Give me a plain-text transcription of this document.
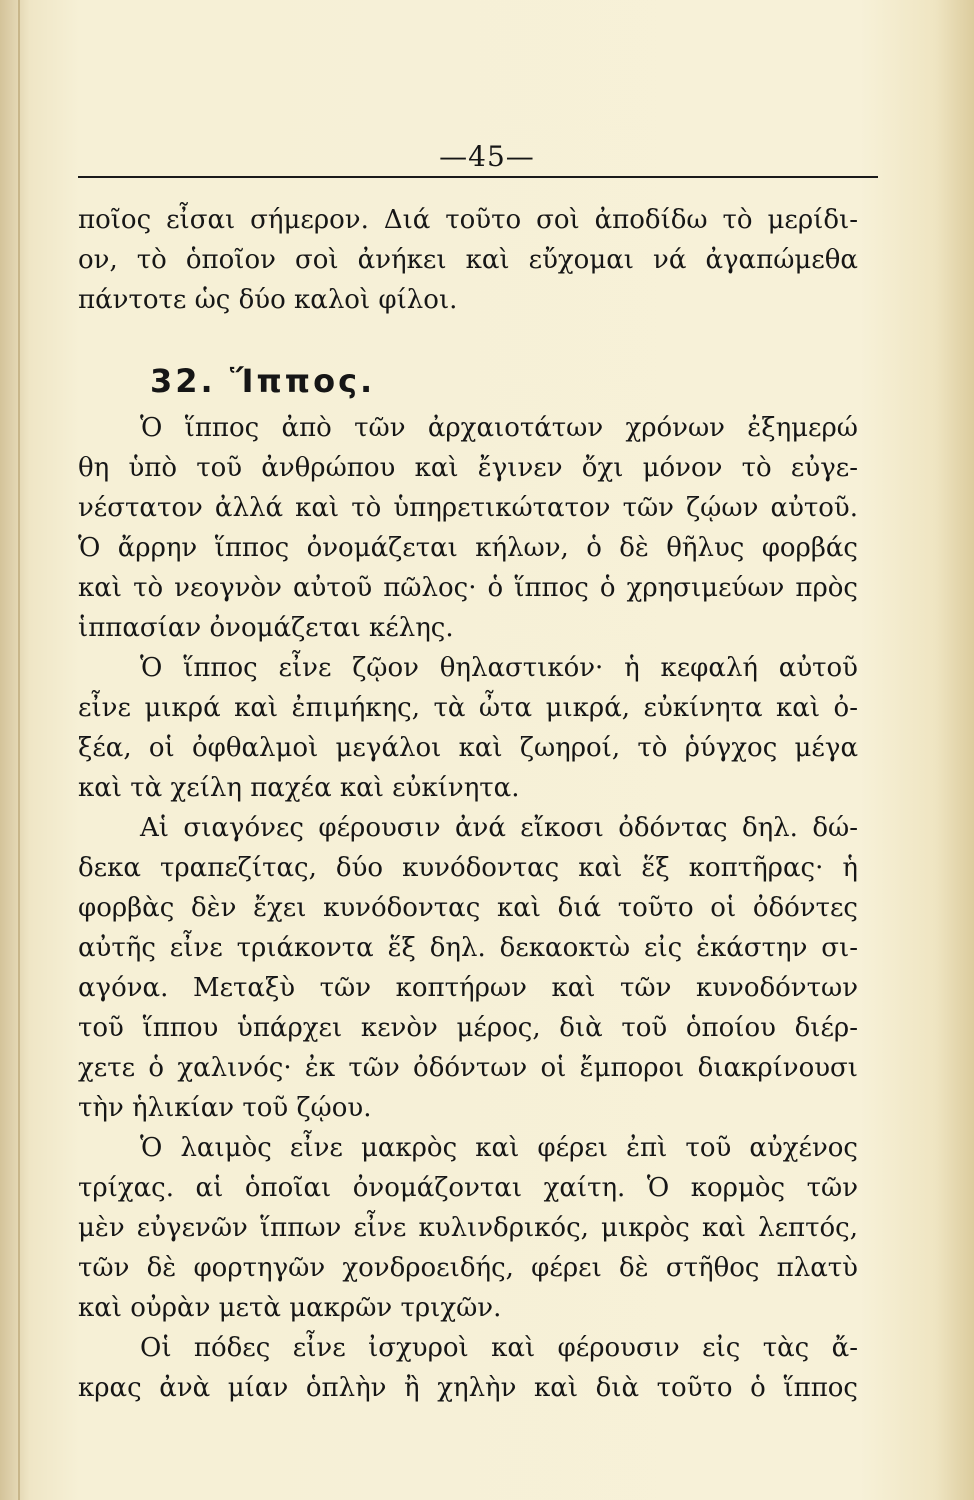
—45—
ποῖος εἶσαι σήμερον. Διά τοῦτο σοὶ ἀποδίδω τὸ μερίδι-
ον, τὸ ὁποῖον σοὶ ἀνήκει καὶ εὔχομαι νά ἀγαπώμεθα
πάντοτε ὡς δύο καλοὶ φίλοι.
32. Ἵππος.
Ὁ ἵππος ἀπὸ τῶν ἀρχαιοτάτων χρόνων ἐξημερώ
θη ὑπὸ τοῦ ἀνθρώπου καὶ ἔγινεν ὄχι μόνον τὸ εὐγε-
νέστατον ἀλλά καὶ τὸ ὑπηρετικώτατον τῶν ζῴων αὐτοῦ.
Ὁ ἄρρην ἵππος ὀνομάζεται κήλων, ὁ δὲ θῆλυς φορβάς
καὶ τὸ νεογνὸν αὐτοῦ πῶλος· ὁ ἵππος ὁ χρησιμεύων πρὸς
ἱππασίαν ὀνομάζεται κέλης.
Ὁ ἵππος εἶνε ζῷον θηλαστικόν· ἡ κεφαλή αὐτοῦ
εἶνε μικρά καὶ ἐπιμήκης, τὰ ὦτα μικρά, εὐκίνητα καὶ ὀ-
ξέα, οἱ ὀφθαλμοὶ μεγάλοι καὶ ζωηροί, τὸ ῥύγχος μέγα
καὶ τὰ χείλη παχέα καὶ εὐκίνητα.
Αἱ σιαγόνες φέρουσιν ἀνά εἴκοσι ὀδόντας δηλ. δώ-
δεκα τραπεζίτας, δύο κυνόδοντας καὶ ἕξ κοπτῆρας· ἡ
φορβὰς δὲν ἔχει κυνόδοντας καὶ διά τοῦτο οἱ ὀδόντες
αὐτῆς εἶνε τριάκοντα ἕξ δηλ. δεκαοκτὼ εἰς ἑκάστην σι-
αγόνα. Μεταξὺ τῶν κοπτήρων καὶ τῶν κυνοδόντων
τοῦ ἵππου ὑπάρχει κενὸν μέρος, διὰ τοῦ ὁποίου διέρ-
χετε ὁ χαλινός· ἐκ τῶν ὀδόντων οἱ ἔμποροι διακρίνουσι
τὴν ἡλικίαν τοῦ ζῴου.
Ὁ λαιμὸς εἶνε μακρὸς καὶ φέρει ἐπὶ τοῦ αὐχένος
τρίχας. αἱ ὁποῖαι ὀνομάζονται χαίτη. Ὁ κορμὸς τῶν
μὲν εὐγενῶν ἵππων εἶνε κυλινδρικός, μικρὸς καὶ λεπτός,
τῶν δὲ φορτηγῶν χονδροειδής, φέρει δὲ στῆθος πλατὺ
καὶ οὐρὰν μετὰ μακρῶν τριχῶν.
Οἱ πόδες εἶνε ἰσχυροὶ καὶ φέρουσιν εἰς τὰς ἄ-
κρας ἀνὰ μίαν ὁπλὴν ἢ χηλὴν καὶ διὰ τοῦτο ὁ ἵππος
